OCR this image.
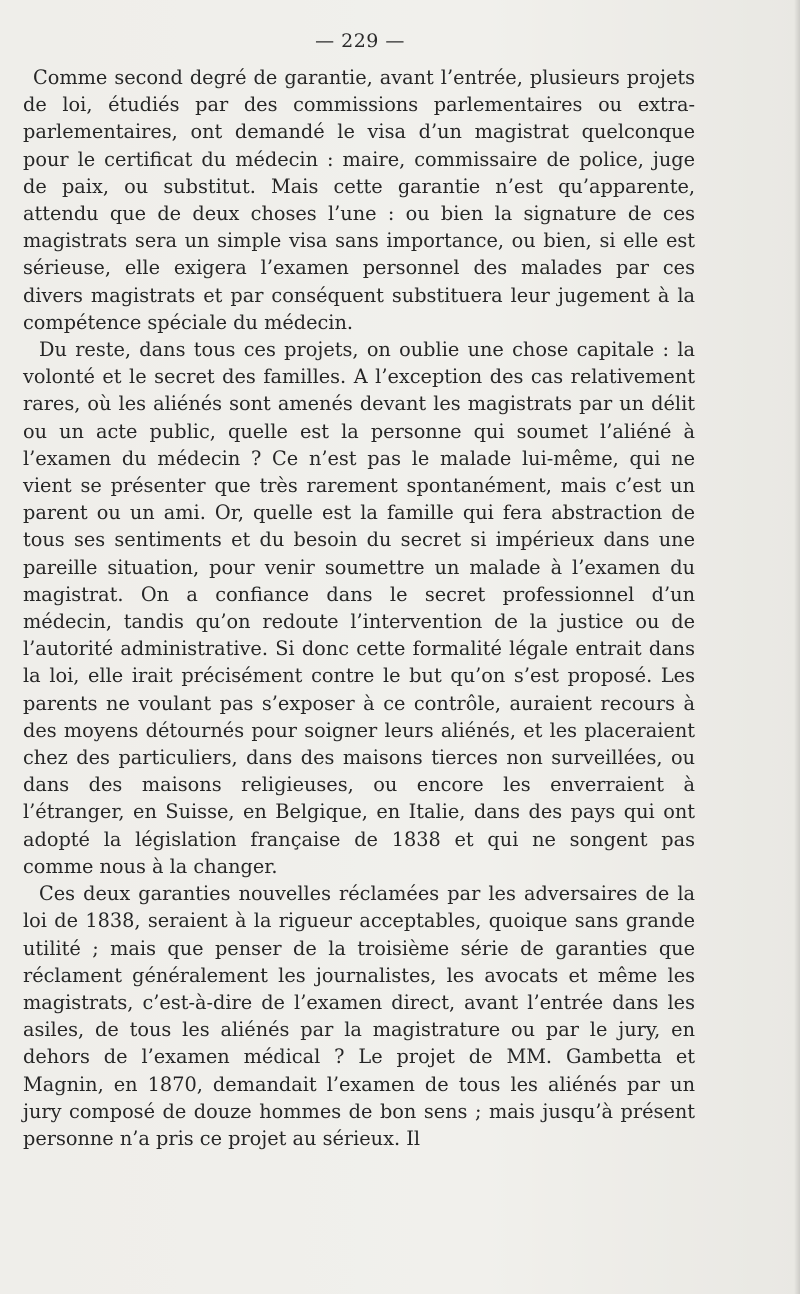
— 229 —

Comme second degré de garantie, avant l’entrée, plusieurs projets de loi, étudiés par des commissions parlementaires ou extra-parlementaires, ont demandé le visa d’un magistrat quelconque pour le certificat du médecin : maire, commissaire de police, juge de paix, ou substitut. Mais cette garantie n’est qu’apparente, attendu que de deux choses l’une : ou bien la signature de ces magistrats sera un simple visa sans importance, ou bien, si elle est sérieuse, elle exigera l’examen personnel des malades par ces divers magistrats et par conséquent substituera leur jugement à la compétence spéciale du médecin.

Du reste, dans tous ces projets, on oublie une chose capitale : la volonté et le secret des familles. A l’exception des cas relativement rares, où les aliénés sont amenés devant les magistrats par un délit ou un acte public, quelle est la personne qui soumet l’aliéné à l’examen du médecin ? Ce n’est pas le malade lui-même, qui ne vient se présenter que très rarement spontanément, mais c’est un parent ou un ami. Or, quelle est la famille qui fera abstraction de tous ses sentiments et du besoin du secret si impérieux dans une pareille situation, pour venir soumettre un malade à l’examen du magistrat. On a confiance dans le secret professionnel d’un médecin, tandis qu’on redoute l’intervention de la justice ou de l’autorité administrative. Si donc cette formalité légale entrait dans la loi, elle irait précisément contre le but qu’on s’est proposé. Les parents ne voulant pas s’exposer à ce contrôle, auraient recours à des moyens détournés pour soigner leurs aliénés, et les placeraient chez des particuliers, dans des maisons tierces non surveillées, ou dans des maisons religieuses, ou encore les enverraient à l’étranger, en Suisse, en Belgique, en Italie, dans des pays qui ont adopté la législation française de 1838 et qui ne songent pas comme nous à la changer.

Ces deux garanties nouvelles réclamées par les adversaires de la loi de 1838, seraient à la rigueur acceptables, quoique sans grande utilité ; mais que penser de la troisième série de garanties que réclament généralement les journalistes, les avocats et même les magistrats, c’est-à-dire de l’examen direct, avant l’entrée dans les asiles, de tous les aliénés par la magistrature ou par le jury, en dehors de l’examen médical ? Le projet de MM. Gambetta et Magnin, en 1870, demandait l’examen de tous les aliénés par un jury composé de douze hommes de bon sens ; mais jusqu’à présent personne n’a pris ce projet au sérieux. Il
